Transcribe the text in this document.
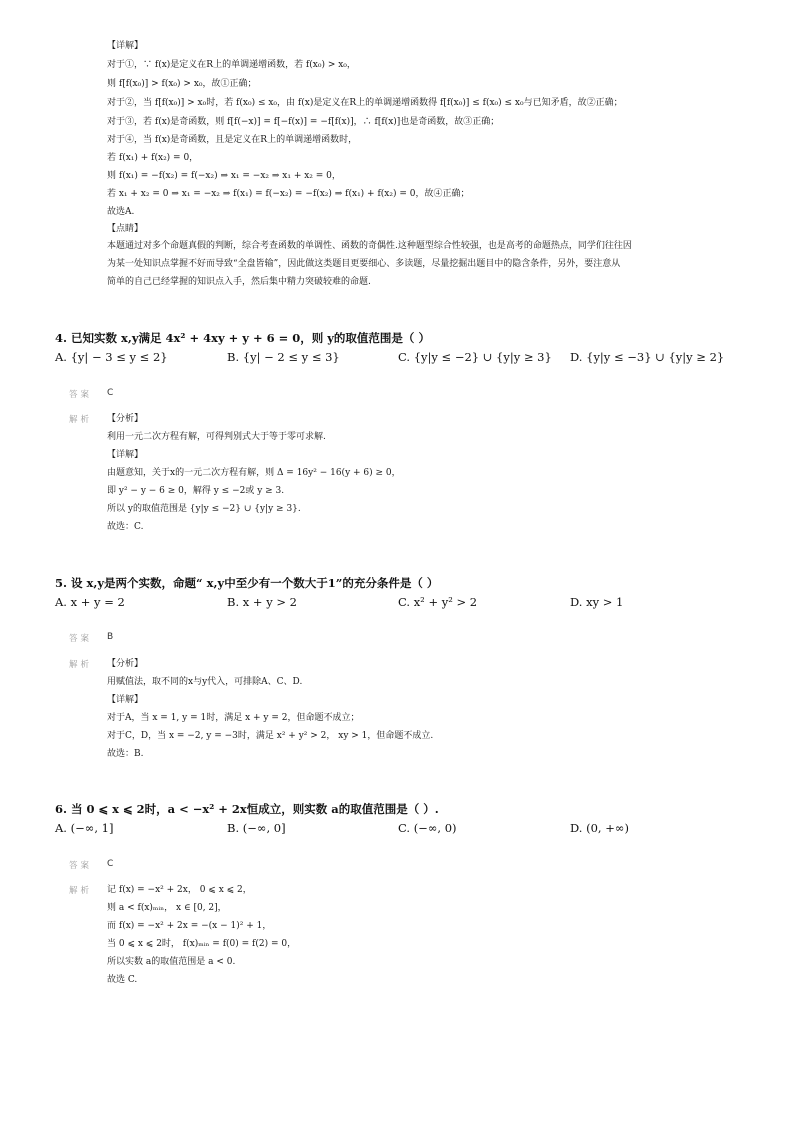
【详解】
对于①，∵ f(x)是定义在R上的单调递增函数，若 f(x₀) > x₀，
则 f[f(x₀)] > f(x₀) > x₀，故①正确；
对于②，当 f[f(x₀)] > x₀时，若 f(x₀) ≤ x₀，由 f(x)是定义在R上的单调递增函数得 f[f(x₀)] ≤ f(x₀) ≤ x₀与已知矛盾，故②正确；
对于③，若 f(x)是奇函数，则 f[f(−x)] = f[−f(x)] = −f[f(x)]，∴ f[f(x)]也是奇函数，故③正确；
对于④，当 f(x)是奇函数，且是定义在R上的单调递增函数时，
若 f(x₁) + f(x₂) = 0，
则 f(x₁) = −f(x₂) = f(−x₂) ⇒ x₁ = −x₂ ⇒ x₁ + x₂ = 0，
若 x₁ + x₂ = 0 ⇒ x₁ = −x₂ ⇒ f(x₁) = f(−x₂) = −f(x₂) ⇒ f(x₁) + f(x₂) = 0，故④正确；
故选A.
【点睛】
本题通过对多个命题真假的判断，综合考查函数的单调性、函数的奇偶性.这种题型综合性较强，也是高考的命题热点，同学们往往因
为某一处知识点掌握不好而导致“全盘皆输”，因此做这类题目更要细心、多读题，尽量挖掘出题目中的隐含条件，另外，要注意从
简单的自己已经掌握的知识点入手，然后集中精力突破较难的命题.
4. 已知实数 x,y满足 4x² + 4xy + y + 6 = 0，则 y的取值范围是（ ）
A. {y| − 3 ≤ y ≤ 2}	B. {y| − 2 ≤ y ≤ 3}	C. {y|y ≤ −2} ∪ {y|y ≥ 3} D. {y|y ≤ −3} ∪ {y|y ≥ 2}
答案 C
解析 【分析】
利用一元二次方程有解，可得判别式大于等于零可求解.
【详解】
由题意知，关于x的一元二次方程有解，则 Δ = 16y² − 16(y + 6) ≥ 0，
即 y² − y − 6 ≥ 0，解得 y ≤ −2或 y ≥ 3.
所以 y的取值范围是 {y|y ≤ −2} ∪ {y|y ≥ 3}.
故选：C.
5. 设 x,y是两个实数，命题“ x,y中至少有一个数大于1”的充分条件是（ ）
A. x + y = 2	B. x + y > 2	C. x² + y² > 2	D. xy > 1
答案 B
解析 【分析】
用赋值法，取不同的x与y代入，可排除A、C、D.
【详解】
对于A，当 x = 1, y = 1时，满足 x + y = 2，但命题不成立；
对于C，D，当 x = −2, y = −3时，满足 x² + y² > 2， xy > 1，但命题不成立.
故选：B.
6. 当 0 ⩽ x ⩽ 2时，a < −x² + 2x恒成立，则实数 a的取值范围是（ ）.
A. (−∞, 1]	B. (−∞, 0]	C. (−∞, 0)	D. (0, +∞)
答案 C
解析 记 f(x) = −x² + 2x， 0 ⩽ x ⩽ 2，
则 a < f(x)ₘᵢₙ， x ∈ [0, 2]，
而 f(x) = −x² + 2x = −(x − 1)² + 1，
当 0 ⩽ x ⩽ 2时， f(x)ₘᵢₙ = f(0) = f(2) = 0，
所以实数 a的取值范围是 a < 0.
故选 C.
